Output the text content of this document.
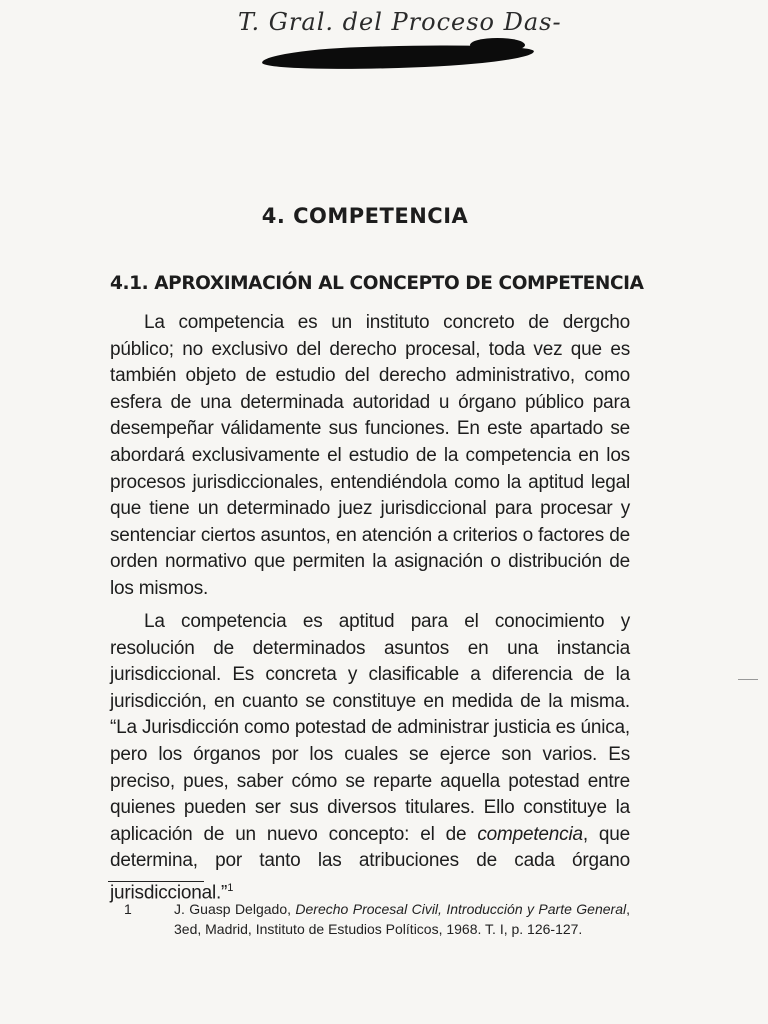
T. Gral. del Proceso Das-
4. COMPETENCIA
4.1. APROXIMACIÓN AL CONCEPTO DE COMPETENCIA

La competencia es un instituto concreto de dergcho público; no exclusivo del derecho procesal, toda vez que es también objeto de estudio del derecho administrativo, como esfera de una determinada autoridad u órgano público para desempeñar válidamente sus funciones. En este apartado se abordará exclusivamente el estudio de la competencia en los procesos jurisdiccionales, entendiéndola como la aptitud legal que tiene un determinado juez jurisdiccional para procesar y sentenciar ciertos asuntos, en atención a criterios o factores de orden normativo que permiten la asignación o distribución de los mismos.

La competencia es aptitud para el conocimiento y resolución de determinados asuntos en una instancia jurisdiccional. Es concreta y clasificable a diferencia de la jurisdicción, en cuanto se constituye en medida de la misma. “La Jurisdicción como potestad de administrar justicia es única, pero los órganos por los cuales se ejerce son varios. Es preciso, pues, saber cómo se reparte aquella potestad entre quienes pueden ser sus diversos titulares. Ello constituye la aplicación de un nuevo concepto: el de competencia, que determina, por tanto las atribuciones de cada órgano jurisdiccional.”$^1$

1	J. Guasp Delgado, Derecho Procesal Civil, Introducción y Parte General, 3ed, Madrid, Instituto de Estudios Políticos, 1968. T. I, p. 126-127.
